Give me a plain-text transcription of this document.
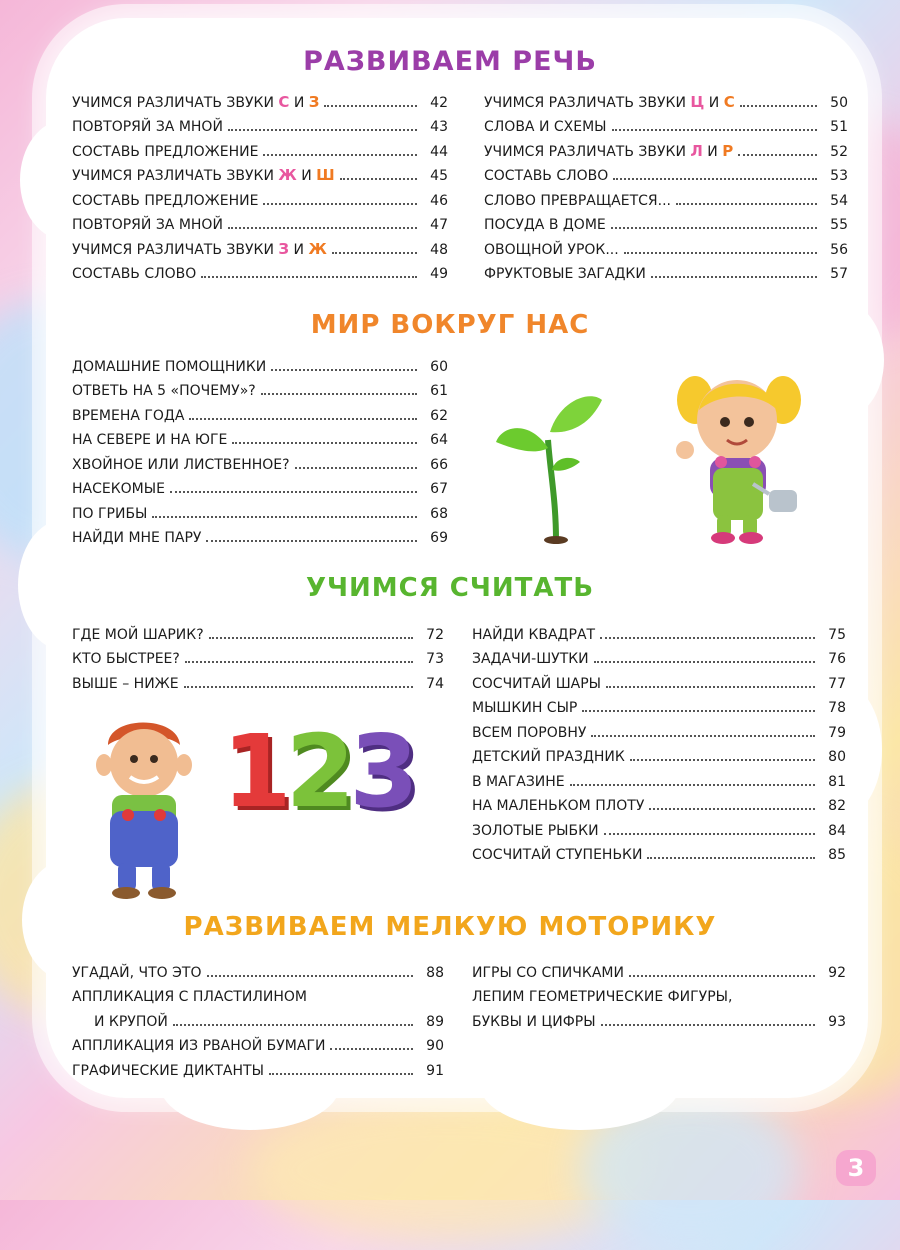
РАЗВИВАЕМ РЕЧЬ
УЧИМСЯ РАЗЛИЧАТЬ ЗВУКИ С И З	42
ПОВТОРЯЙ ЗА МНОЙ	43
СОСТАВЬ ПРЕДЛОЖЕНИЕ	44
УЧИМСЯ РАЗЛИЧАТЬ ЗВУКИ Ж И Ш	45
СОСТАВЬ ПРЕДЛОЖЕНИЕ	46
ПОВТОРЯЙ ЗА МНОЙ	47
УЧИМСЯ РАЗЛИЧАТЬ ЗВУКИ З И Ж	48
СОСТАВЬ СЛОВО	49
УЧИМСЯ РАЗЛИЧАТЬ ЗВУКИ Ц И С	50
СЛОВА И СХЕМЫ	51
УЧИМСЯ РАЗЛИЧАТЬ ЗВУКИ Л И Р	52
СОСТАВЬ СЛОВО	53
СЛОВО ПРЕВРАЩАЕТСЯ...	54
ПОСУДА В ДОМЕ	55
ОВОЩНОЙ УРОК...	56
ФРУКТОВЫЕ ЗАГАДКИ	57
МИР ВОКРУГ НАС
ДОМАШНИЕ ПОМОЩНИКИ	60
ОТВЕТЬ НА 5 «ПОЧЕМУ»?	61
ВРЕМЕНА ГОДА	62
НА СЕВЕРЕ И НА ЮГЕ	64
ХВОЙНОЕ ИЛИ ЛИСТВЕННОЕ?	66
НАСЕКОМЫЕ	67
ПО ГРИБЫ	68
НАЙДИ МНЕ ПАРУ	69
УЧИМСЯ СЧИТАТЬ
ГДЕ МОЙ ШАРИК?	72
КТО БЫСТРЕЕ?	73
ВЫШЕ – НИЖЕ	74
НАЙДИ КВАДРАТ	75
ЗАДАЧИ-ШУТКИ	76
СОСЧИТАЙ ШАРЫ	77
МЫШКИН СЫР	78
ВСЕМ ПОРОВНУ	79
ДЕТСКИЙ ПРАЗДНИК	80
В МАГАЗИНЕ	81
НА МАЛЕНЬКОМ ПЛОТУ	82
ЗОЛОТЫЕ РЫБКИ	84
СОСЧИТАЙ СТУПЕНЬКИ	85
1 2 3
РАЗВИВАЕМ МЕЛКУЮ МОТОРИКУ
УГАДАЙ, ЧТО ЭТО	88
АППЛИКАЦИЯ С ПЛАСТИЛИНОМ
И КРУПОЙ	89
АППЛИКАЦИЯ ИЗ РВАНОЙ БУМАГИ	90
ГРАФИЧЕСКИЕ ДИКТАНТЫ	91
ИГРЫ СО СПИЧКАМИ	92
ЛЕПИМ ГЕОМЕТРИЧЕСКИЕ ФИГУРЫ,
БУКВЫ И ЦИФРЫ	93
3
